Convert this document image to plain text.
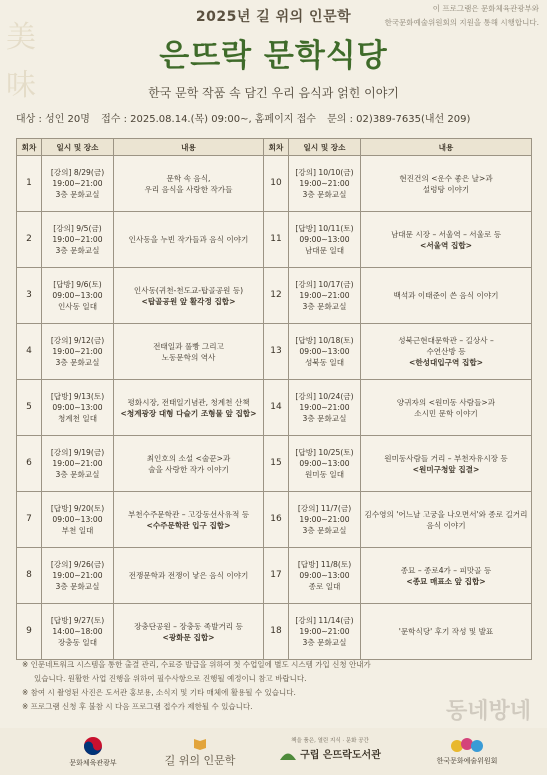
美
味
이 프로그램은 문화체육관광부와
한국문화예술위원회의 지원을 통해 시행합니다.
2025년 길 위의 인문학
은뜨락 문학식당
한국 문학 작품 속 담긴 우리 음식과 얽힌 이야기
대상 : 성인 20명 접수 : 2025.08.14.(목) 09:00~, 홈페이지 접수 문의 : 02)389-7635(내선 209)
회차	일시 및 장소	내용	회차	일시 및 장소	내용
1	[강의] 8/29(금)
19:00~21:00
3층 문화교실	문학 속 음식,
우리 음식을 사랑한 작가들	10	[강의] 10/10(금)
19:00~21:00
3층 문화교실	현진건의 <운수 좋은 날>과
설렁탕 이야기

2	[강의] 9/5(금)
19:00~21:00
3층 문화교실	인사동을 누빈 작가들과 음식 이야기	11	[답방] 10/11(토)
09:00~13:00
남대문 일대	남대문 시장 – 서울역 – 서울로 등
<서울역 집합>

3	[답방] 9/6(토)
09:00~13:00
인사동 일대	인사동(귀천-천도교-탑골공원 등)
<탑골공원 앞 활각정 집합>	12	[강의] 10/17(금)
19:00~21:00
3층 문화교실	백석과 이태준이 쓴 음식 이야기

4	[강의] 9/12(금)
19:00~21:00
3층 문화교실	전태일과 풀빵 그리고
노동문학의 역사	13	[답방] 10/18(토)
09:00~13:00
성북동 일대	성북근현대문학관 – 길상사 –
수연산방 등
<한성대입구역 집합>

5	[답방] 9/13(토)
09:00~13:00
청계천 일대	평화시장, 전태일기념관, 청계천 산책
<청계광장 대형 다슬기 조형물 앞 집합>	14	[강의] 10/24(금)
19:00~21:00
3층 문화교실	양귀자의 <원미동 사람들>과
소시민 문학 이야기

6	[강의] 9/19(금)
19:00~21:00
3층 문화교실	최인호의 소설 <술꾼>과
술을 사랑한 작가 이야기	15	[답방] 10/25(토)
09:00~13:00
원미동 일대	원미동사람들 거리 – 부천자유시장 등
<원미구청앞 집결>

7	[답방] 9/20(토)
09:00~13:00
부천 일대	부천수주문학관 – 고강동선사유적 등
<수주문학관 입구 집합>	16	[강의] 11/7(금)
19:00~21:00
3층 문화교실	김수영의 '어느날 고궁을 나오면서'와 종로 길거리음식 이야기

8	[강의] 9/26(금)
19:00~21:00
3층 문화교실	전쟁문학과 전쟁이 낳은 음식 이야기	17	[답방] 11/8(토)
09:00~13:00
종로 일대	종묘 – 종로4가 – 피맛골 등
<종묘 매표소 앞 집합>

9	[답방] 9/27(토)
14:00~18:00
장충동 일대	장충단공원 – 장충동 족발거리 등
<광화문 집합>	18	[강의] 11/14(금)
19:00~21:00
3층 문화교실	'문학식당' 후기 작성 및 발표

※ 인문네트워크 시스템을 통한 출결 관리, 수료증 발급을 위하여 첫 수업일에 별도 시스템 가입 신청 안내가

있습니다. 원활한 사업 진행을 위하여 필수사항으로 진행될 예정이니 참고 바랍니다.

※ 참여 시 촬영된 사진은 도서관 홍보용, 소식지 및 기타 매체에 활용될 수 있습니다.

※ 프로그램 신청 후 불참 시 다음 프로그램 접수가 제한될 수 있습니다.	동네방네
문화체육관광부	길 위의 인문학
책을 품은, 열린 지식 · 문화 공간
구립 은뜨락도서관	한국문화예술위원회
